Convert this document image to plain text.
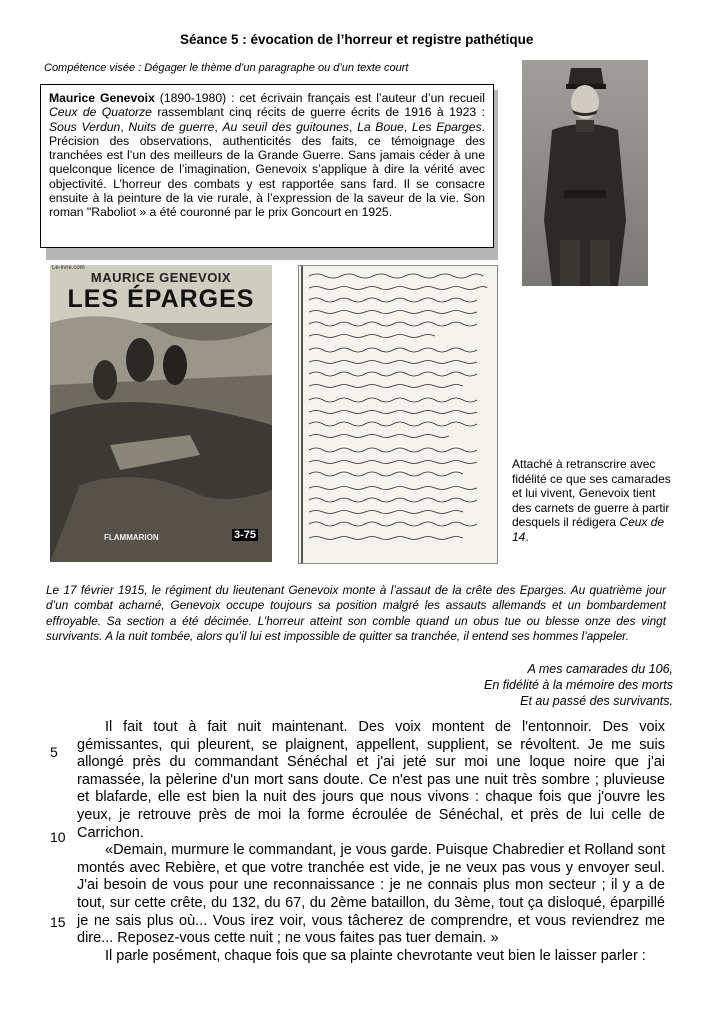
Séance 5 : évocation de l’horreur et registre pathétique
Compétence visée : Dégager le thème d’un paragraphe ou d’un texte court
Maurice Genevoix (1890-1980) : cet écrivain français est l’auteur d’un recueil Ceux de Quatorze rassemblant cinq récits de guerre écrits de 1916 à 1923 : Sous Verdun, Nuits de guerre, Au seuil des guitounes, La Boue, Les Eparges. Précision des observations, authenticités des faits, ce témoignage des tranchées est l’un des meilleurs de la Grande Guerre. Sans jamais céder à une quelconque licence de l’imagination, Genevoix s’applique à dire la vérité avec objectivité. L’horreur des combats y est rapportée sans fard. Il se consacre ensuite à la peinture de la vie rurale, à l’expression de la saveur de la vie. Son roman "Raboliot » a été couronné par le prix Goncourt en 1925.
Le-livre.com
MAURICE GENEVOIX
LES ÉPARGES
FLAMMARION	3-75
Attaché à retranscrire avec fidélité ce que ses camarades et lui vivent, Genevoix tient des carnets de guerre à partir desquels il rédigera Ceux de 14.
Le 17 février 1915, le régiment du lieutenant Genevoix monte à l’assaut de la crête des Eparges. Au quatrième jour d’un combat acharné, Genevoix occupe toujours sa position malgré les assauts allemands et un bombardement effroyable. Sa section a été décimée. L’horreur atteint son comble quand un obus tue ou blesse onze des vingt survivants. A la nuit tombée, alors qu’il lui est impossible de quitter sa tranchée, il entend ses hommes l’appeler.
A mes camarades du 106,
En fidélité à la mémoire des morts
Et au passé des survivants.

Il fait tout à fait nuit maintenant. Des voix montent de l'entonnoir. Des voix gémissantes, qui pleurent, se plaignent, appellent, supplient, se révoltent. Je me suis allongé près du commandant Sénéchal et j'ai jeté sur moi une loque noire que j'ai ramassée, la pèlerine d'un mort sans doute. Ce n'est pas une nuit très sombre ; pluvieuse et blafarde, elle est bien la nuit des jours que nous vivons : chaque fois que j'ouvre les yeux, je retrouve près de moi la forme écroulée de Sénéchal, et près de lui celle de Carrichon.

«Demain, murmure le commandant, je vous garde. Puisque Chabredier et Rolland sont montés avec Rebière, et que votre tranchée est vide, je ne veux pas vous y envoyer seul. J'ai besoin de vous pour une reconnaissance : je ne connais plus mon secteur ; il y a de tout, sur cette crête, du 132, du 67, du 2ème bataillon, du 3ème, tout ça disloqué, éparpillé je ne sais plus où... Vous irez voir, vous tâcherez de comprendre, et vous reviendrez me dire... Reposez-vous cette nuit ; ne vous faites pas tuer demain. »

Il parle posément, chaque fois que sa plainte chevrotante veut bien le laisser parler :

5
10
15
